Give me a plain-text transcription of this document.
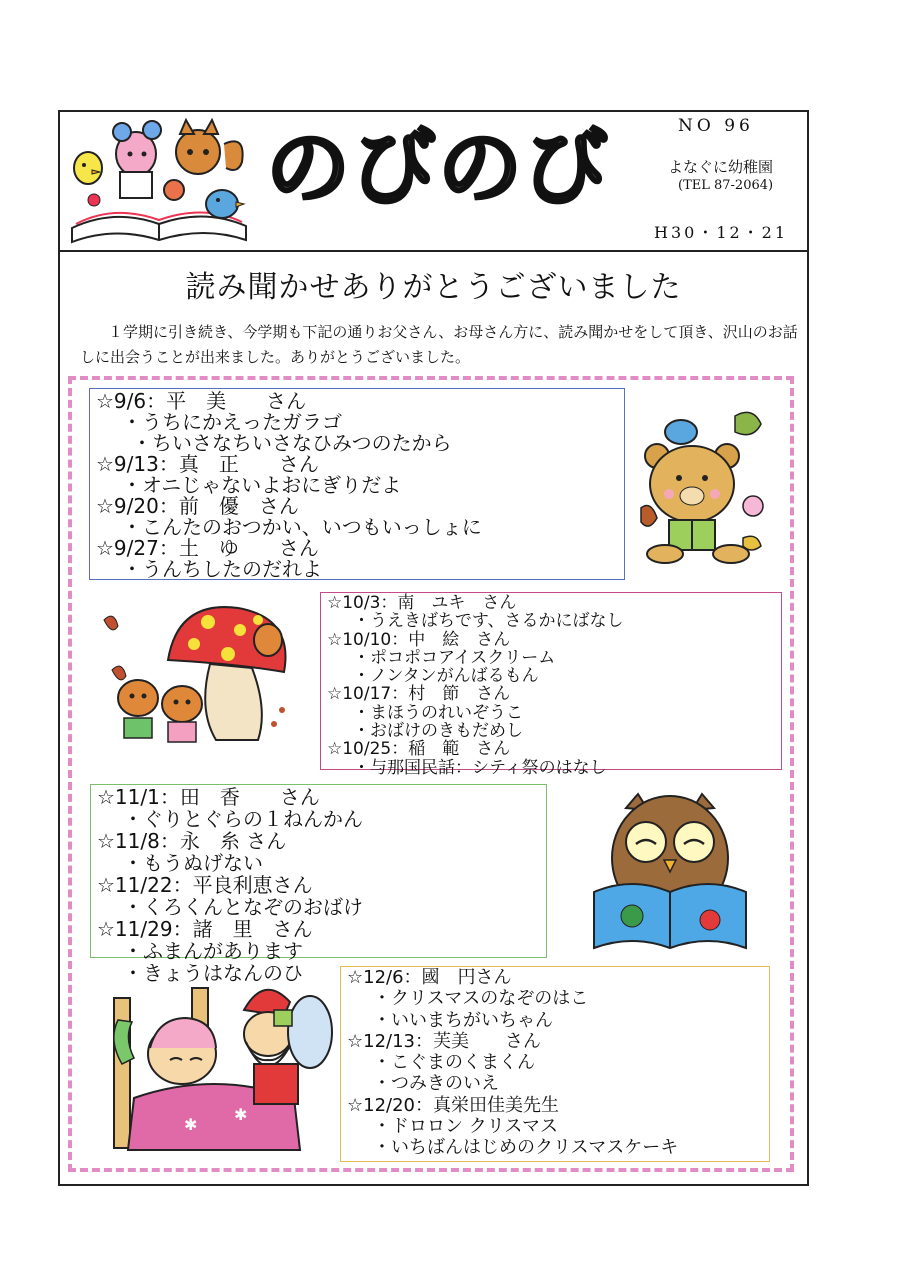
のびのび	NO 96
よなぐに幼稚園
(TEL 87-2064)
H30・12・21
読み聞かせありがとうございました
１学期に引き続き、今学期も下記の通りお父さん、お母さん方に、読み聞かせをして頂き、沢山のお話しに出会うことが出来ました。ありがとうございました。
☆9/6：平　美　　さん
・うちにかえったガラゴ
・ちいさなちいさなひみつのたから
☆9/13：真　正　　さん
・オニじゃないよおにぎりだよ
☆9/20：前　優　さん
・こんたのおつかい、いつもいっしょに
☆9/27：土　ゆ　　さん
・うんちしたのだれよ
☆10/3：南　ユキ　さん
・うえきばちです、さるかにばなし
☆10/10：中　絵　さん
・ポコポコアイスクリーム
・ノンタンがんばるもん
☆10/17：村　節　さん
・まほうのれいぞうこ
・おばけのきもだめし
☆10/25：稲　範　さん
・与那国民話：シティ祭のはなし
☆11/1：田　香　　さん
・ぐりとぐらの１ねんかん
☆11/8：永　糸 さん
・もうぬげない
☆11/22：平良利恵さん
・くろくんとなぞのおばけ
☆11/29：諸　里　さん
・ふまんがあります
・きょうはなんのひ	☆12/6：國　円さん
・クリスマスのなぞのはこ
・いいまちがいちゃん
☆12/13：芙美　　さん
・こぐまのくまくん
・つみきのいえ
☆12/20：真栄田佳美先生
・ドロロン クリスマス
・いちばんはじめのクリスマスケーキ
✱
✱
